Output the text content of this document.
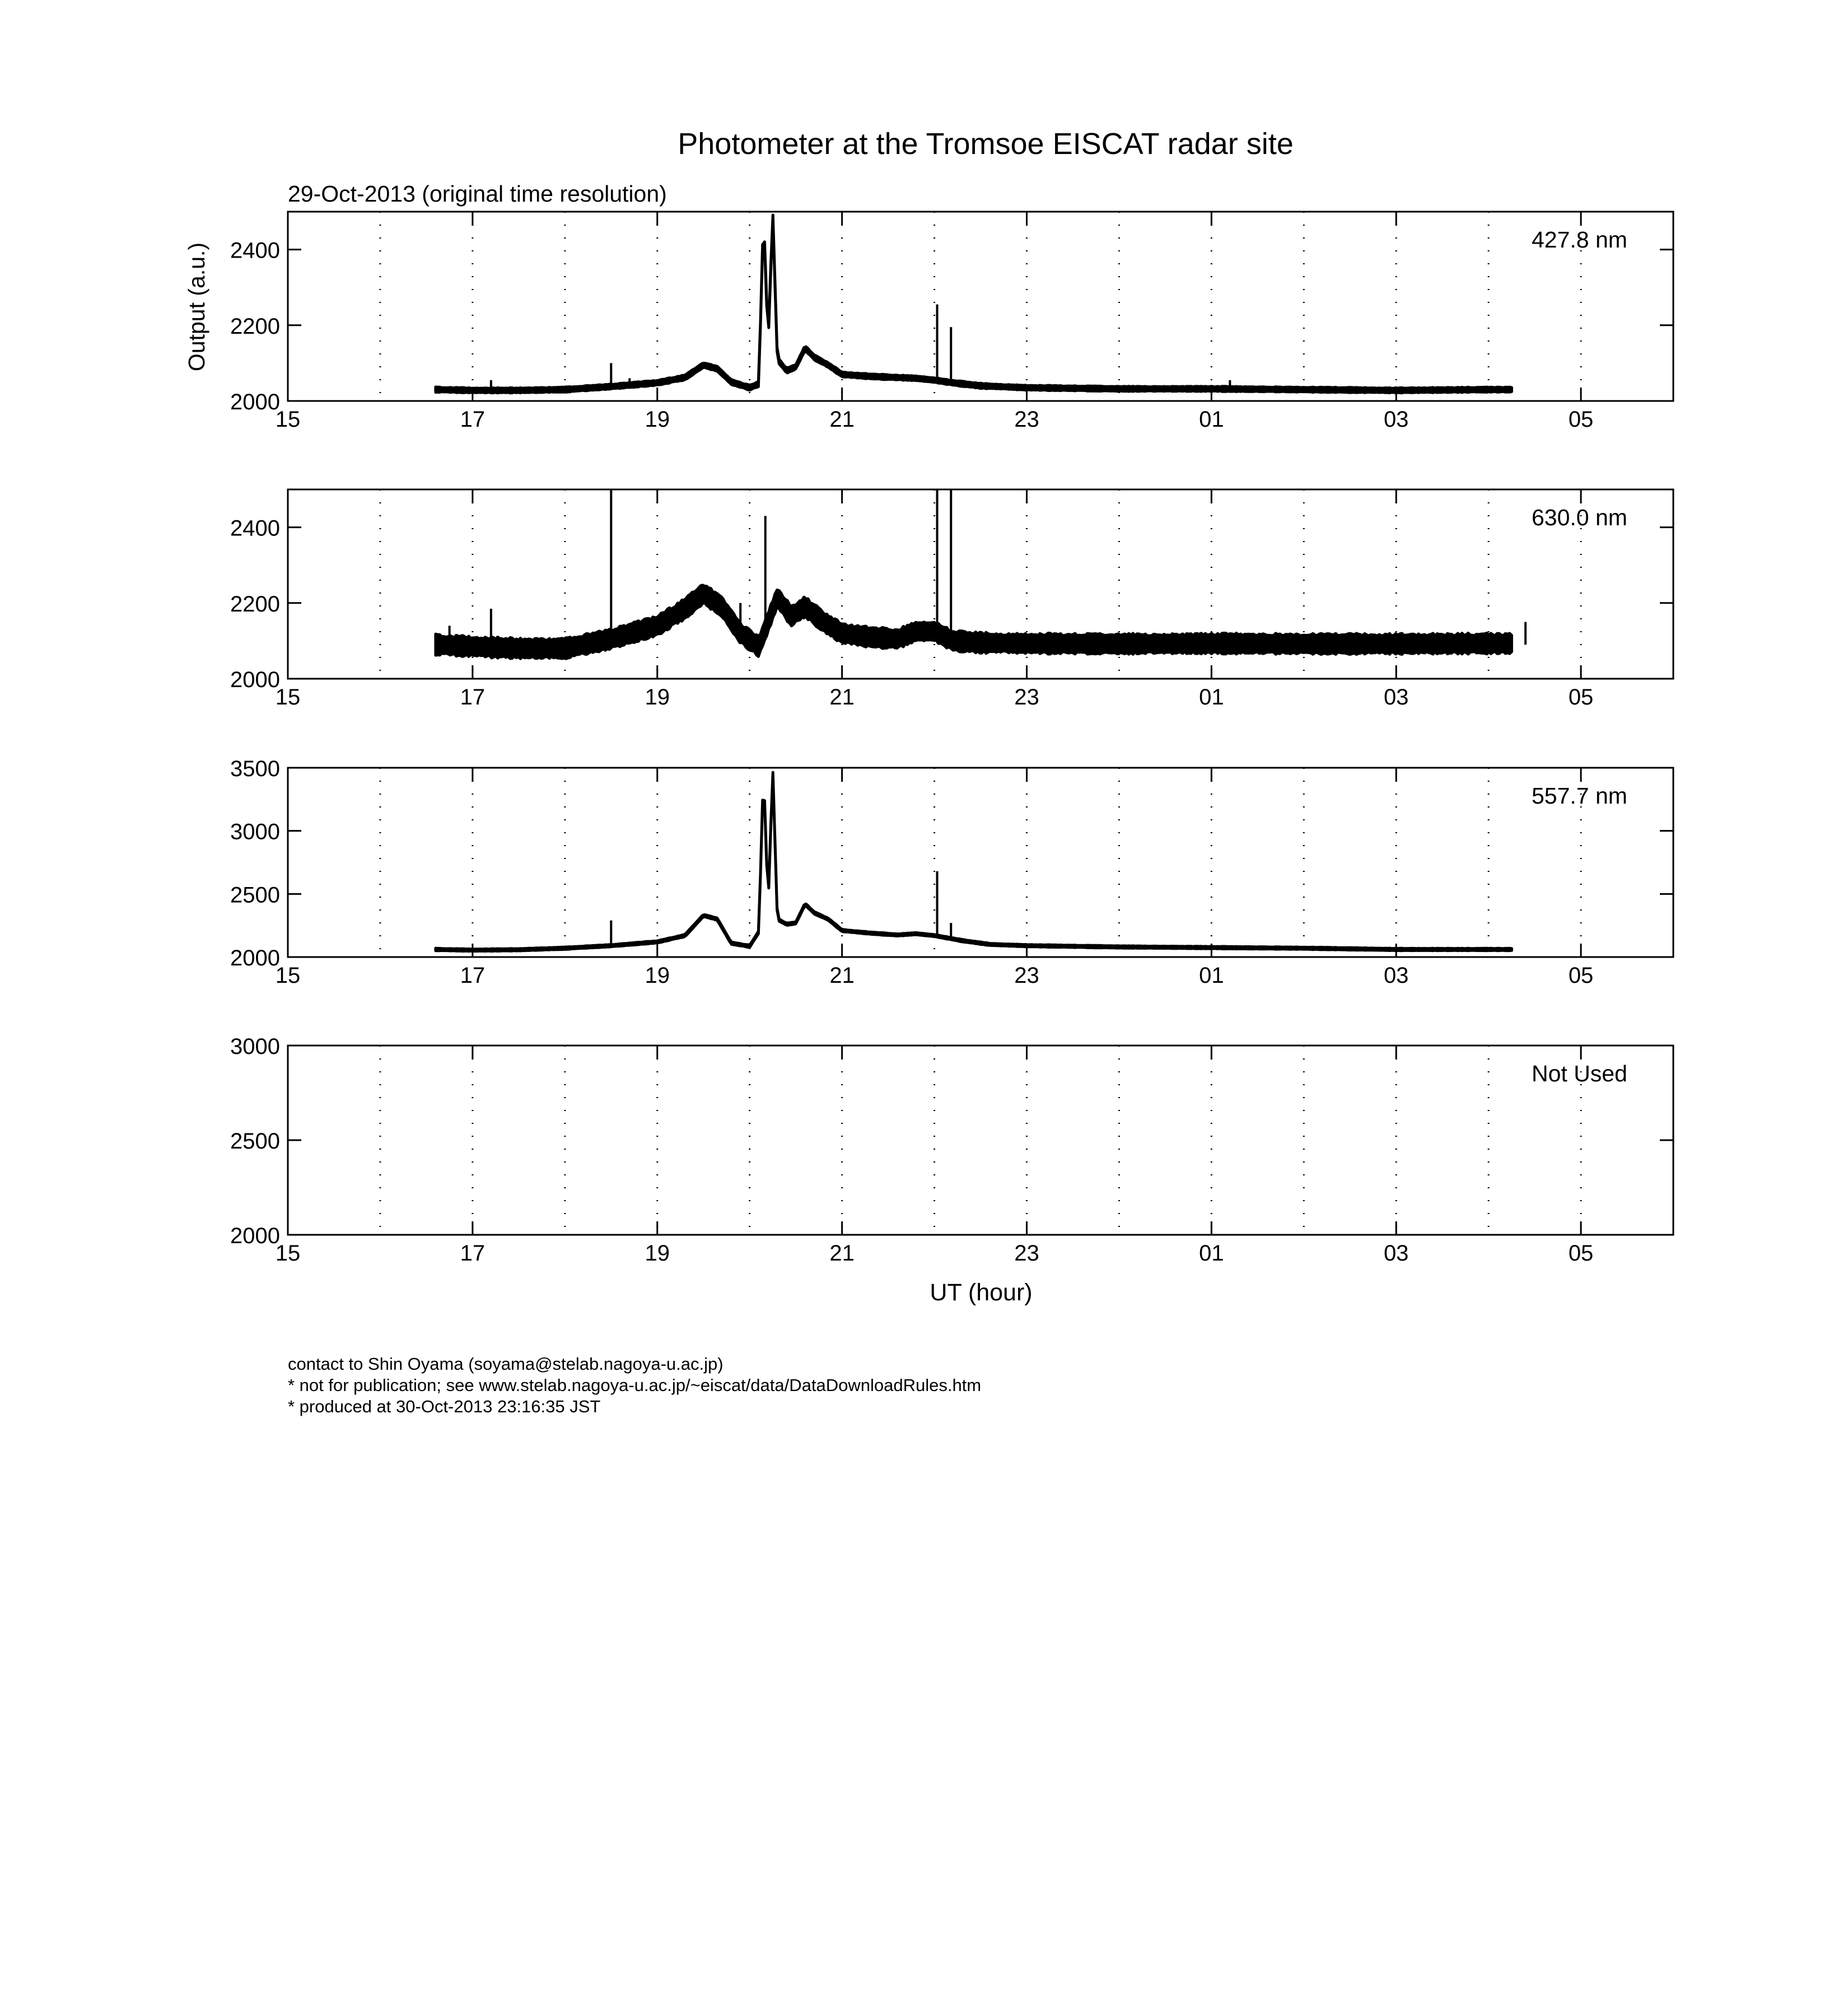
Photometer at the Tromsoe EISCAT radar site
29-Oct-2013 (original time resolution)
Output (a.u.)
15	17	19	21	23	01	03	05
2000
2200
2400	427.8 nm
15	17	19	21	23	01	03	05
2000
2200
2400	630.0 nm
15	17	19	21	23	01	03	05
2000
2500
3000
3500
557.7 nm
15	17	19	21	23	01	03	05
2000
2500
3000
Not Used
UT (hour)
contact to Shin Oyama (soyama@stelab.nagoya-u.ac.jp)
* not for publication; see www.stelab.nagoya-u.ac.jp/~eiscat/data/DataDownloadRules.htm
* produced at 30-Oct-2013 23:16:35 JST
